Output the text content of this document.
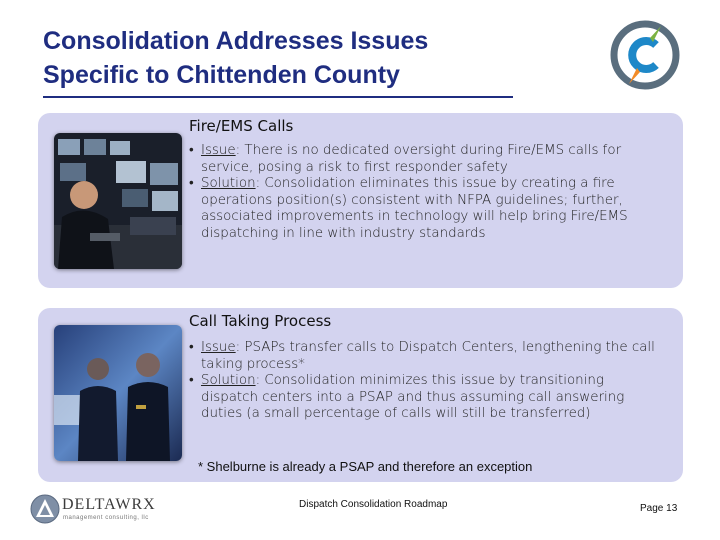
Consolidation Addresses Issues
Specific to Chittenden County
Fire/EMS Calls
• Issue: There is no dedicated oversight during Fire/EMS calls for service, posing a risk to first responder safety
• Solution: Consolidation eliminates this issue by creating a fire operations position(s) consistent with NFPA guidelines; further, associated improvements in technology will help bring Fire/EMS dispatching in line with industry standards
Call Taking Process
• Issue: PSAPs transfer calls to Dispatch Centers, lengthening the call taking process*
• Solution: Consolidation minimizes this issue by transitioning dispatch centers into a PSAP and thus assuming call answering duties (a small percentage of calls will still be transferred)
* Shelburne is already a PSAP and therefore an exception
DELTAWRX
management consulting, llc
Dispatch Consolidation Roadmap	Page 13
